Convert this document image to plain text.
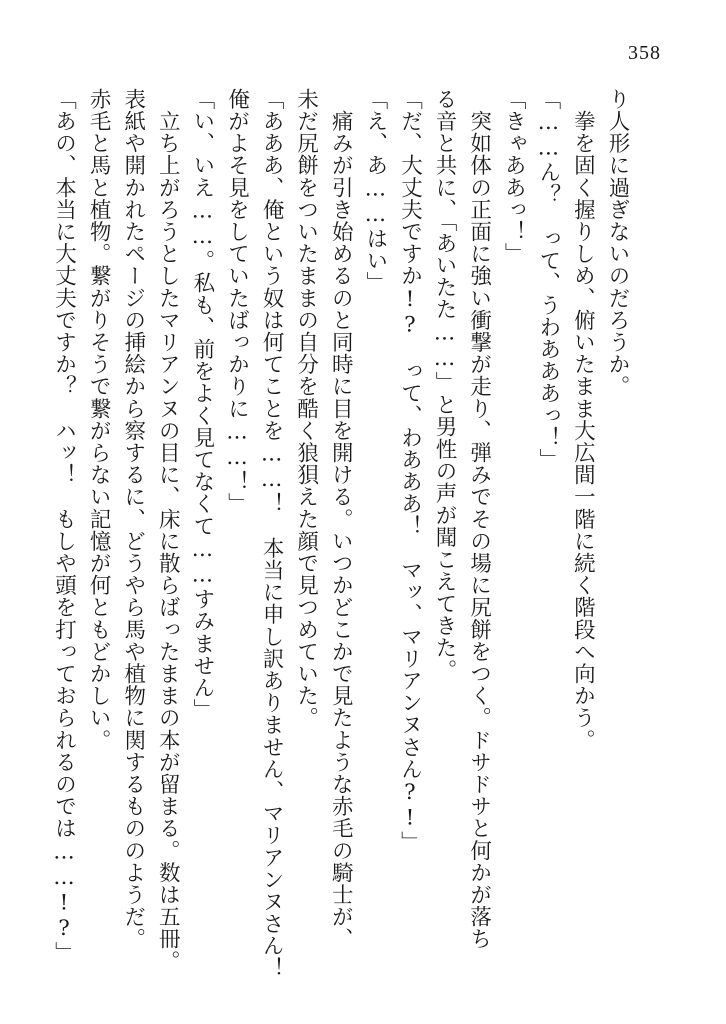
358
り人形に過ぎないのだろうか。
　拳を固く握りしめ、俯いたまま大広間一階に続く階段へ向かう。
「……ん？　って、うわあああっ！」
「きゃああっ！」
　突如体の正面に強い衝撃が走り、弾みでその場に尻餅をつく。ドサドサと何かが落ち
る音と共に、「あいたた……」と男性の声が聞こえてきた。
「だ、大丈夫ですか!?　って、わあああ！　マッ、マリアンヌさん?!」
「え、あ……はい」
　痛みが引き始めるのと同時に目を開ける。いつかどこかで見たような赤毛の騎士が、
未だ尻餅をついたままの自分を酷く狼狽えた顔で見つめていた。
「あああ、俺という奴は何てことを……！　本当に申し訳ありません、マリアンヌさん！
俺がよそ見をしていたばっかりに……！」
「い、いえ……。私も、前をよく見てなくて……すみません」
　立ち上がろうとしたマリアンヌの目に、床に散らばったままの本が留まる。数は五冊。
表紙や開かれたページの挿絵から察するに、どうやら馬や植物に関するもののようだ。
赤毛と馬と植物。繋がりそうで繋がらない記憶が何ともどかしい。
「あの、本当に大丈夫ですか？　ハッ！　もしや頭を打っておられるのでは……!?」
